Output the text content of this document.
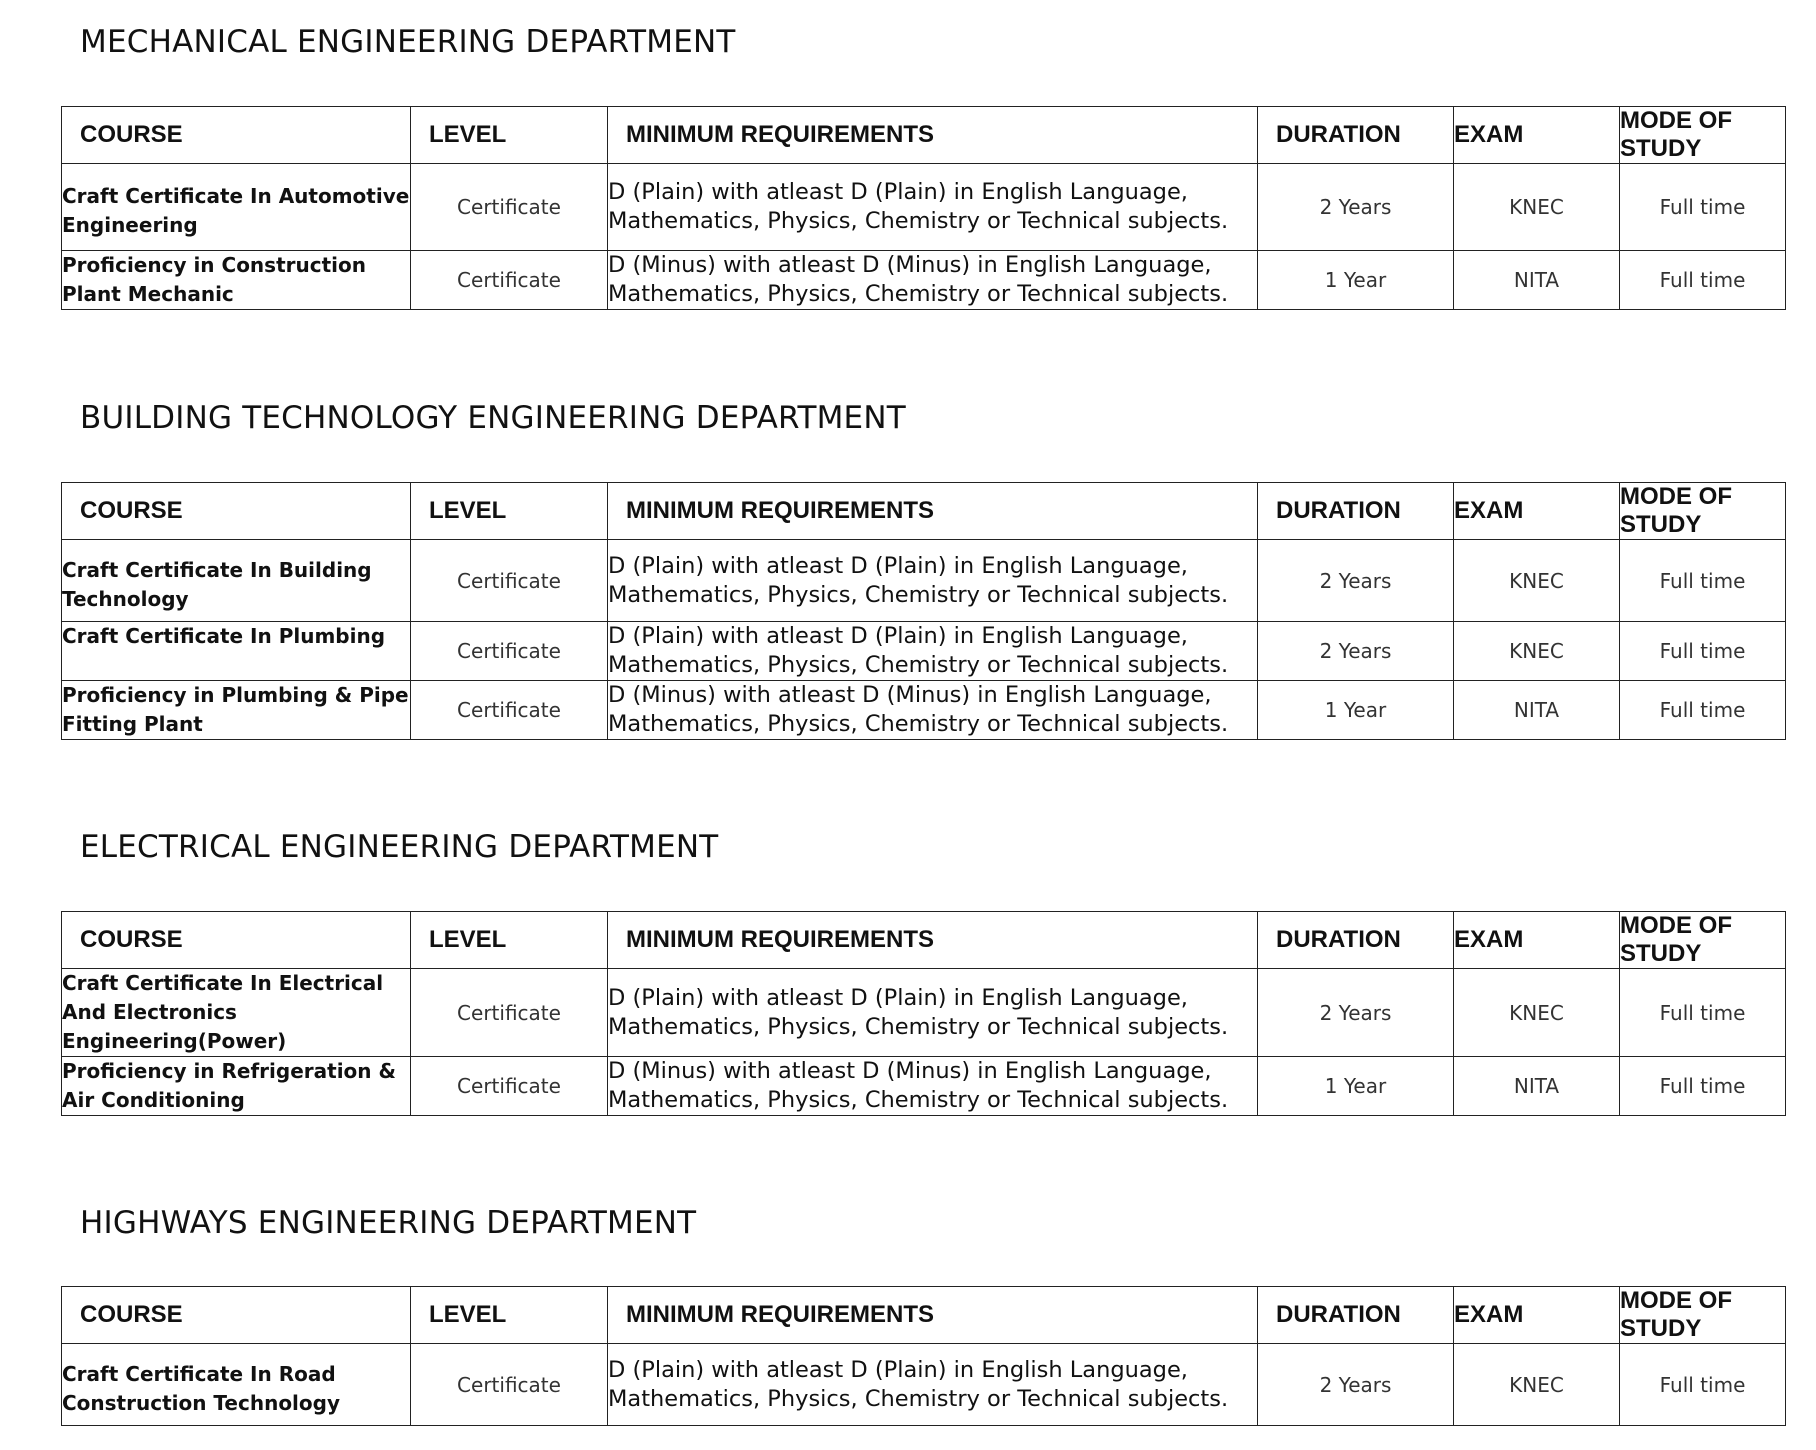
MECHANICAL ENGINEERING DEPARTMENT
COURSE	LEVEL	MINIMUM REQUIREMENTS	DURATION	EXAM	MODE OF
STUDY

Craft Certificate In Automotive
Engineering	Certificate	D (Plain) with atleast D (Plain) in English Language,
Mathematics, Physics, Chemistry or Technical subjects.	2 Years	KNEC	Full time

Proficiency in Construction
Plant Mechanic	Certificate	D (Minus) with atleast D (Minus) in English Language,
Mathematics, Physics, Chemistry or Technical subjects.	1 Year	NITA	Full time
BUILDING TECHNOLOGY ENGINEERING DEPARTMENT
COURSE	LEVEL	MINIMUM REQUIREMENTS	DURATION	EXAM	MODE OF
STUDY

Craft Certificate In Building
Technology	Certificate	D (Plain) with atleast D (Plain) in English Language,
Mathematics, Physics, Chemistry or Technical subjects.	2 Years	KNEC	Full time

Craft Certificate In Plumbing	Certificate	D (Plain) with atleast D (Plain) in English Language,
Mathematics, Physics, Chemistry or Technical subjects.	2 Years	KNEC	Full time

Proficiency in Plumbing & Pipe
Fitting Plant	Certificate	D (Minus) with atleast D (Minus) in English Language,
Mathematics, Physics, Chemistry or Technical subjects.	1 Year	NITA	Full time
ELECTRICAL ENGINEERING DEPARTMENT
COURSE	LEVEL	MINIMUM REQUIREMENTS	DURATION	EXAM	MODE OF
STUDY

Craft Certificate In Electrical
And Electronics
Engineering(Power)	Certificate	D (Plain) with atleast D (Plain) in English Language,
Mathematics, Physics, Chemistry or Technical subjects.	2 Years	KNEC	Full time

Proficiency in Refrigeration &
Air Conditioning	Certificate	D (Minus) with atleast D (Minus) in English Language,
Mathematics, Physics, Chemistry or Technical subjects.	1 Year	NITA	Full time
HIGHWAYS ENGINEERING DEPARTMENT
COURSE	LEVEL	MINIMUM REQUIREMENTS	DURATION	EXAM	MODE OF
STUDY

Craft Certificate In Road
Construction Technology	Certificate	D (Plain) with atleast D (Plain) in English Language,
Mathematics, Physics, Chemistry or Technical subjects.	2 Years	KNEC	Full time
